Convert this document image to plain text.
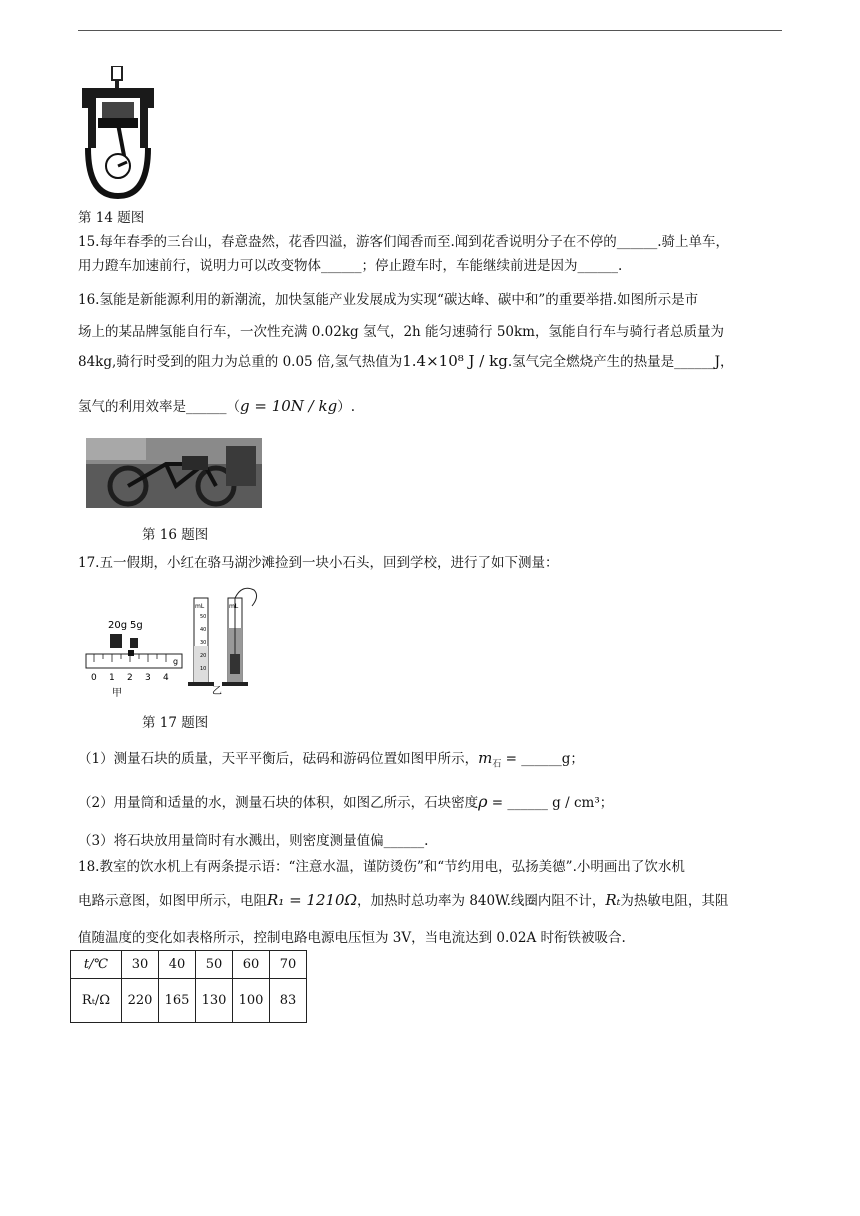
第 14 题图
15.每年春季的三台山，春意盎然，花香四溢，游客们闻香而至.闻到花香说明分子在不停的______.骑上单车，
用力蹬车加速前行，说明力可以改变物体______；停止蹬车时，车能继续前进是因为______.
16.氢能是新能源利用的新潮流，加快氢能产业发展成为实现“碳达峰、碳中和”的重要举措.如图所示是市
场上的某品牌氢能自行车，一次性充满 0.02kg 氢气，2h 能匀速骑行 50km，氢能自行车与骑行者总质量为
84kg,骑行时受到的阻力为总重的 0.05 倍,氢气热值为1.4×10⁸ J / kg.氢气完全燃烧产生的热量是______J，
氢气的利用效率是______（g = 10N / kg）.
第 16 题图
17.五一假期，小红在骆马湖沙滩捡到一块小石头，回到学校，进行了如下测量：
20g 5g
0 1 2 3 4
g
甲
mL
50
40
30
20
10
mL
乙
第 17 题图
（1）测量石块的质量，天平平衡后，砝码和游码位置如图甲所示，$m_石$ = ______g；
（2）用量筒和适量的水，测量石块的体积，如图乙所示，石块密度ρ = ______ g / cm³；
（3）将石块放用量筒时有水溅出，则密度测量值偏______.
18.教室的饮水机上有两条提示语：“注意水温，谨防烫伤”和“节约用电，弘扬美德”.小明画出了饮水机
电路示意图，如图甲所示，电阻R₁ = 1210Ω，加热时总功率为 840W.线圈内阻不计，Rₜ为热敏电阻，其阻
值随温度的变化如表格所示，控制电路电源电压恒为 3V，当电流达到 0.02A 时衔铁被吸合.
t/℃	30	40	50	60	70
Rₜ/Ω	220	165	130	100	83
